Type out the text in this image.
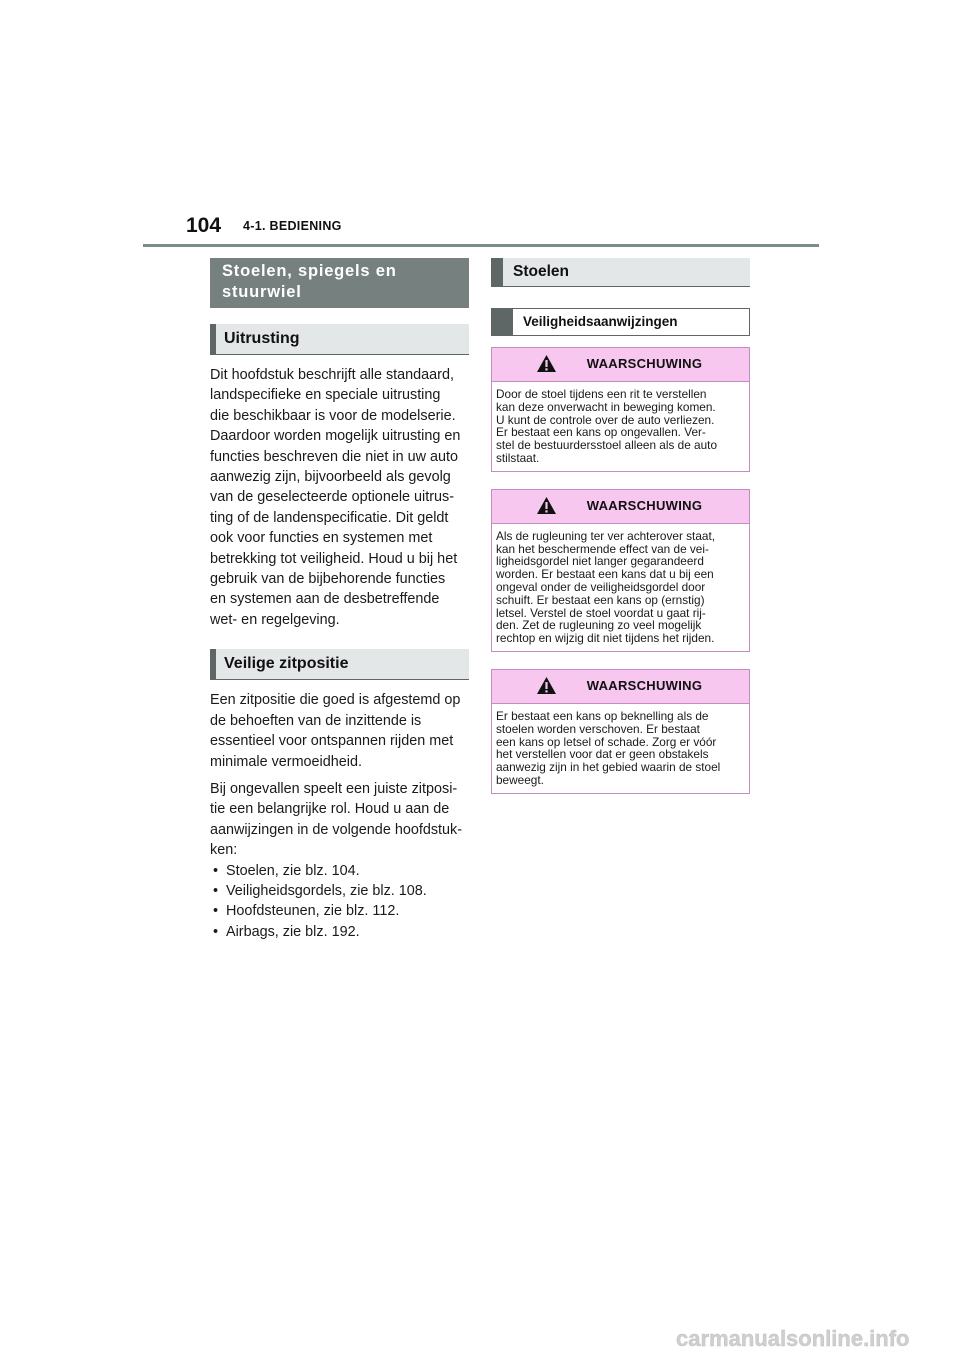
104 4-1. BEDIENING
Stoelen, spiegels en stuurwiel
Uitrusting
Dit hoofdstuk beschrijft alle standaard,
landspecifieke en speciale uitrusting
die beschikbaar is voor de modelserie.
Daardoor worden mogelijk uitrusting en
functies beschreven die niet in uw auto
aanwezig zijn, bijvoorbeeld als gevolg
van de geselecteerde optionele uitrus-
ting of de landenspecificatie. Dit geldt
ook voor functies en systemen met
betrekking tot veiligheid. Houd u bij het
gebruik van de bijbehorende functies
en systemen aan de desbetreffende
wet- en regelgeving.
Veilige zitpositie
Een zitpositie die goed is afgestemd op
de behoeften van de inzittende is
essentieel voor ontspannen rijden met
minimale vermoeidheid.
Bij ongevallen speelt een juiste zitposi-
tie een belangrijke rol. Houd u aan de
aanwijzingen in de volgende hoofdstuk-
ken:
• Stoelen, zie blz. 104.
• Veiligheidsgordels, zie blz. 108.
• Hoofdsteunen, zie blz. 112.
• Airbags, zie blz. 192.
Stoelen
Veiligheidsaanwijzingen
WAARSCHUWING
Door de stoel tijdens een rit te verstellen
kan deze onverwacht in beweging komen.
U kunt de controle over de auto verliezen.
Er bestaat een kans op ongevallen. Ver-
stel de bestuurdersstoel alleen als de auto
stilstaat.
WAARSCHUWING
Als de rugleuning ter ver achterover staat,
kan het beschermende effect van de vei-
ligheidsgordel niet langer gegarandeerd
worden. Er bestaat een kans dat u bij een
ongeval onder de veiligheidsgordel door
schuift. Er bestaat een kans op (ernstig)
letsel. Verstel de stoel voordat u gaat rij-
den. Zet de rugleuning zo veel mogelijk
rechtop en wijzig dit niet tijdens het rijden.
WAARSCHUWING
Er bestaat een kans op beknelling als de
stoelen worden verschoven. Er bestaat
een kans op letsel of schade. Zorg er vóór
het verstellen voor dat er geen obstakels
aanwezig zijn in het gebied waarin de stoel
beweegt.
carmanualsonline.info
